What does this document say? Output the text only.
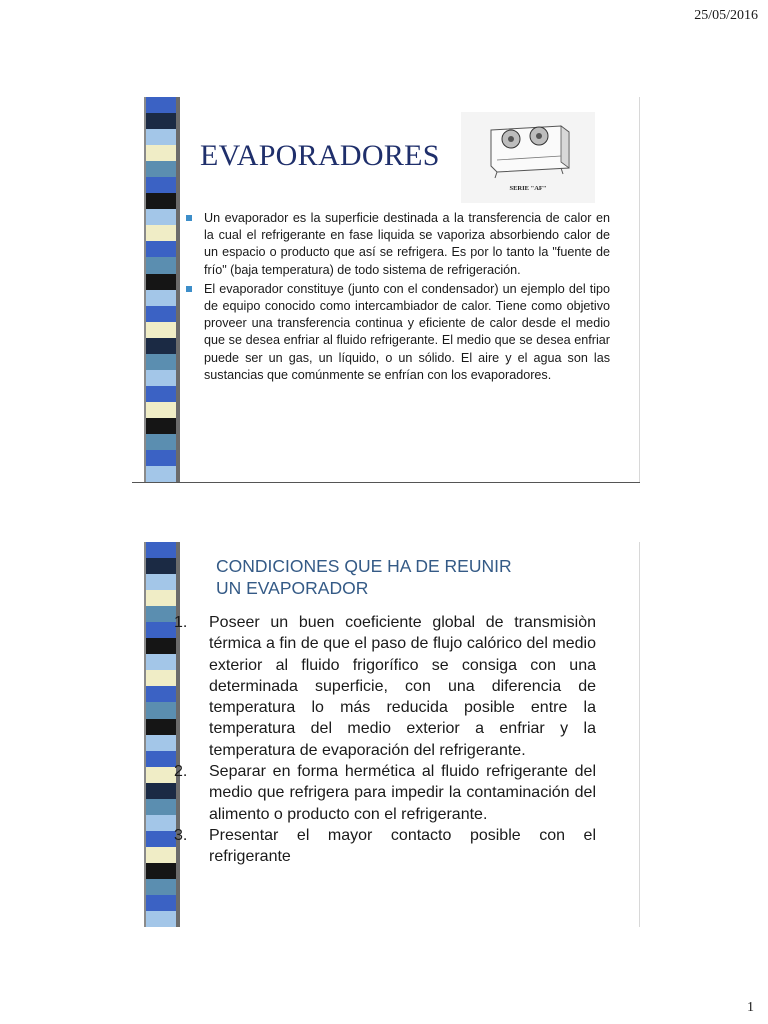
25/05/2016
EVAPORADORES
SERIE "AF"
Un evaporador es la superficie destinada a la transferencia de calor en la cual el refrigerante en fase liquida se vaporiza absorbiendo calor de un espacio o producto que así se refrigera. Es por lo tanto la "fuente de frío" (baja temperatura) de todo sistema de refrigeración.
El evaporador constituye (junto con el condensador) un ejemplo del tipo de equipo conocido como intercambiador de calor. Tiene como objetivo proveer una transferencia continua y eficiente de calor desde el medio que se desea enfriar al fluido refrigerante. El medio que se desea enfriar puede ser un gas, un líquido, o un sólido. El aire y el agua son las sustancias que comúnmente se enfrían con los evaporadores.
CONDICIONES QUE HA DE REUNIR
UN EVAPORADOR
1. Poseer un buen coeficiente global de transmisiòn térmica a fin de que el paso de flujo calórico del medio exterior al fluido frigorífico se consiga con una determinada superficie, con una diferencia de temperatura lo más reducida posible entre la temperatura del medio exterior a enfriar y la temperatura de evaporación del refrigerante.
2. Separar en forma hermética al fluido refrigerante del medio que refrigera para impedir la contaminación del alimento o producto con el refrigerante.
3. Presentar el mayor contacto posible con el refrigerante
1
